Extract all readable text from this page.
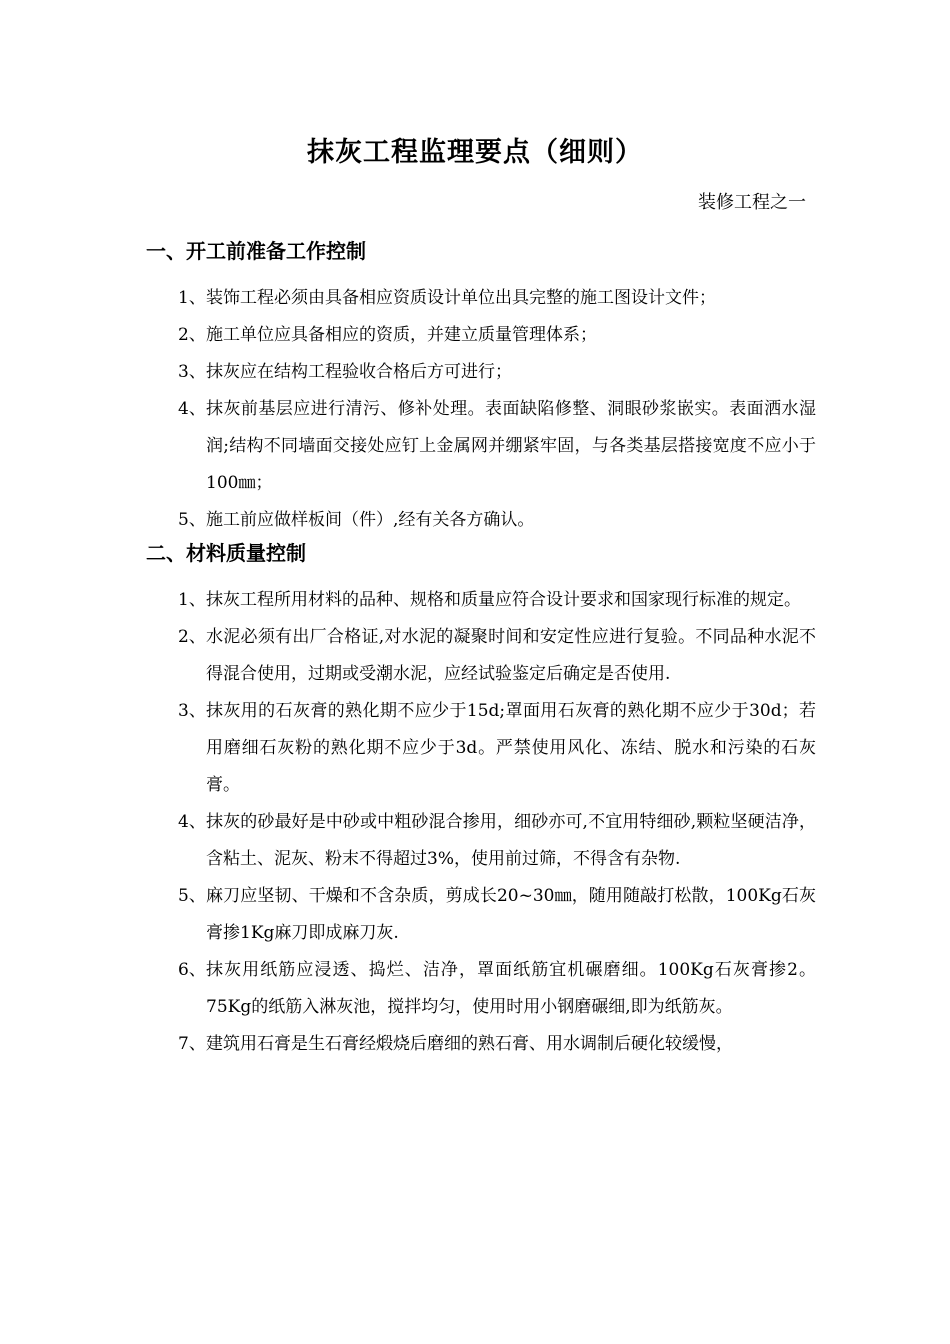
抹灰工程监理要点（细则）
装修工程之一
一、开工前准备工作控制
1、 装饰工程必须由具备相应资质设计单位出具完整的施工图设计文件；
2、 施工单位应具备相应的资质，并建立质量管理体系；
3、 抹灰应在结构工程验收合格后方可进行；
4、 抹灰前基层应进行清污、修补处理。表面缺陷修整、洞眼砂浆嵌实。表面洒水湿润;结构不同墙面交接处应钉上金属网并绷紧牢固，与各类基层搭接宽度不应小于100㎜；
5、 施工前应做样板间（件）,经有关各方确认。
二、材料质量控制
1、 抹灰工程所用材料的品种、规格和质量应符合设计要求和国家现行标准的规定。
2、 水泥必须有出厂合格证,对水泥的凝聚时间和安定性应进行复验。不同品种水泥不得混合使用，过期或受潮水泥，应经试验鉴定后确定是否使用.
3、 抹灰用的石灰膏的熟化期不应少于15d;罩面用石灰膏的熟化期不应少于30d；若用磨细石灰粉的熟化期不应少于3d。严禁使用风化、冻结、脱水和污染的石灰膏。
4、 抹灰的砂最好是中砂或中粗砂混合掺用，细砂亦可,不宜用特细砂,颗粒坚硬洁净，含粘土、泥灰、粉末不得超过3%，使用前过筛，不得含有杂物.
5、 麻刀应坚韧、干燥和不含杂质，剪成长20~30㎜，随用随敲打松散，100Kg石灰膏掺1Kg麻刀即成麻刀灰.
6、 抹灰用纸筋应浸透、捣烂、洁净，罩面纸筋宜机碾磨细。100Kg石灰膏掺2。75Kg的纸筋入淋灰池，搅拌均匀，使用时用小钢磨碾细,即为纸筋灰。
7、 建筑用石膏是生石膏经煅烧后磨细的熟石膏、用水调制后硬化较缓慢，
